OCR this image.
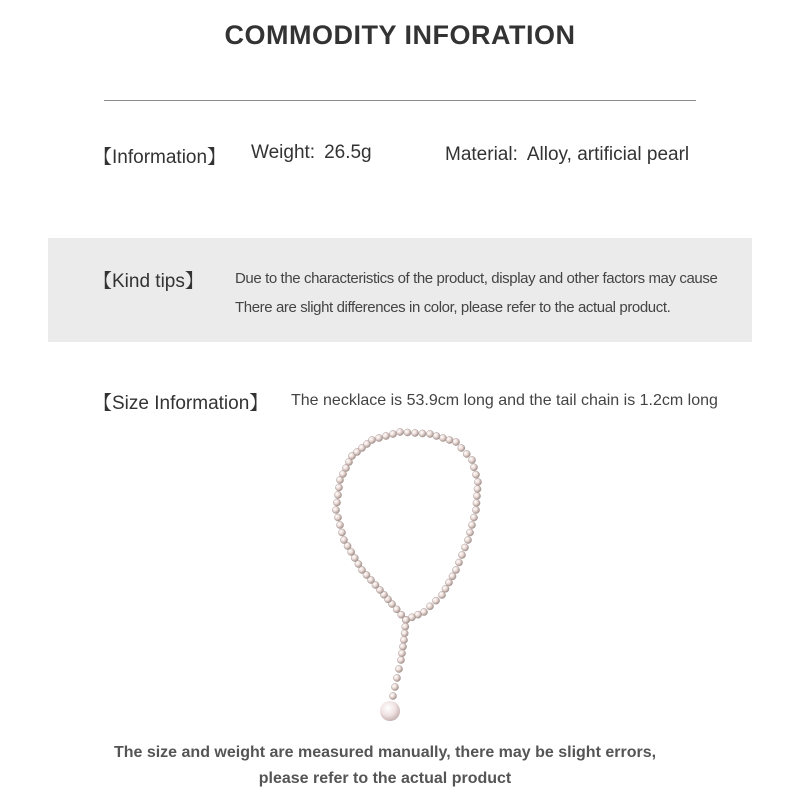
COMMODITY INFORATION
【Information】 Weight: 26.5g	Material: Alloy, artificial pearl
【Kind tips】 Due to the characteristics of the product, display and other factors may cause
There are slight differences in color, please refer to the actual product.
【Size Information】 The necklace is 53.9cm long and the tail chain is 1.2cm long
The size and weight are measured manually, there may be slight errors,
please refer to the actual product
